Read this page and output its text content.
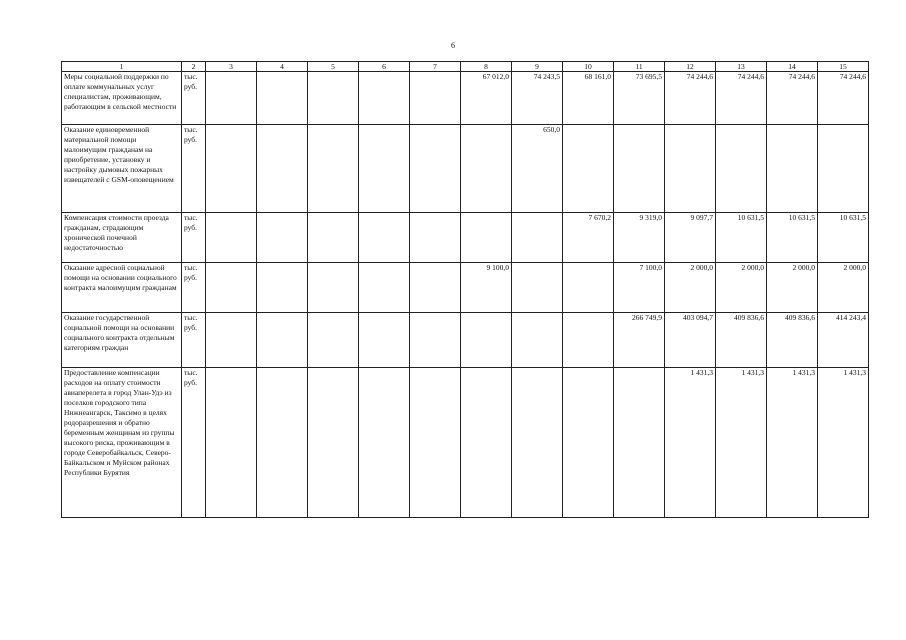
6
1	2	3	4	5	6	7	8	9	10	11	12	13	14	15
Меры социальной поддержки по оплате коммунальных услуг специалистам, проживающим, работающим в сельской местности	тыс. руб.						67 012,0	74 243,5	68 161,0	73 695,5	74 244,6	74 244,6	74 244,6	74 244,6
Оказание единовременной материальной помощи малоимущим гражданам на приобретение, установку и настройку дымовых пожарных извещателей с GSM-оповещением	тыс. руб.							650,0						
Компенсация стоимости проезда гражданам, страдающим хронической почечной недостаточностью	тыс. руб.								7 670,2	9 319,0	9 097,7	10 631,5	10 631,5	10 631,5
Оказание адресной социальной помощи на основании социального контракта малоимущим гражданам	тыс. руб.						9 100,0			7 100,0	2 000,0	2 000,0	2 000,0	2 000,0
Оказание государственной социальной помощи на основании социального контракта отдельным категориям граждан	тыс. руб.									266 749,9	403 094,7	409 836,6	409 836,6	414 243,4
Предоставление компенсации расходов на оплату стоимости авиаперелета в город Улан-Удэ из поселков городского типа Нижнеангарск, Таксимо в целях родоразрешения и обратно беременным женщинам из группы высокого риска, проживающим в городе Северобайкальск, Северо-Байкальском и Муйском районах Республики Бурятия	тыс. руб.										1 431,3	1 431,3	1 431,3	1 431,3
